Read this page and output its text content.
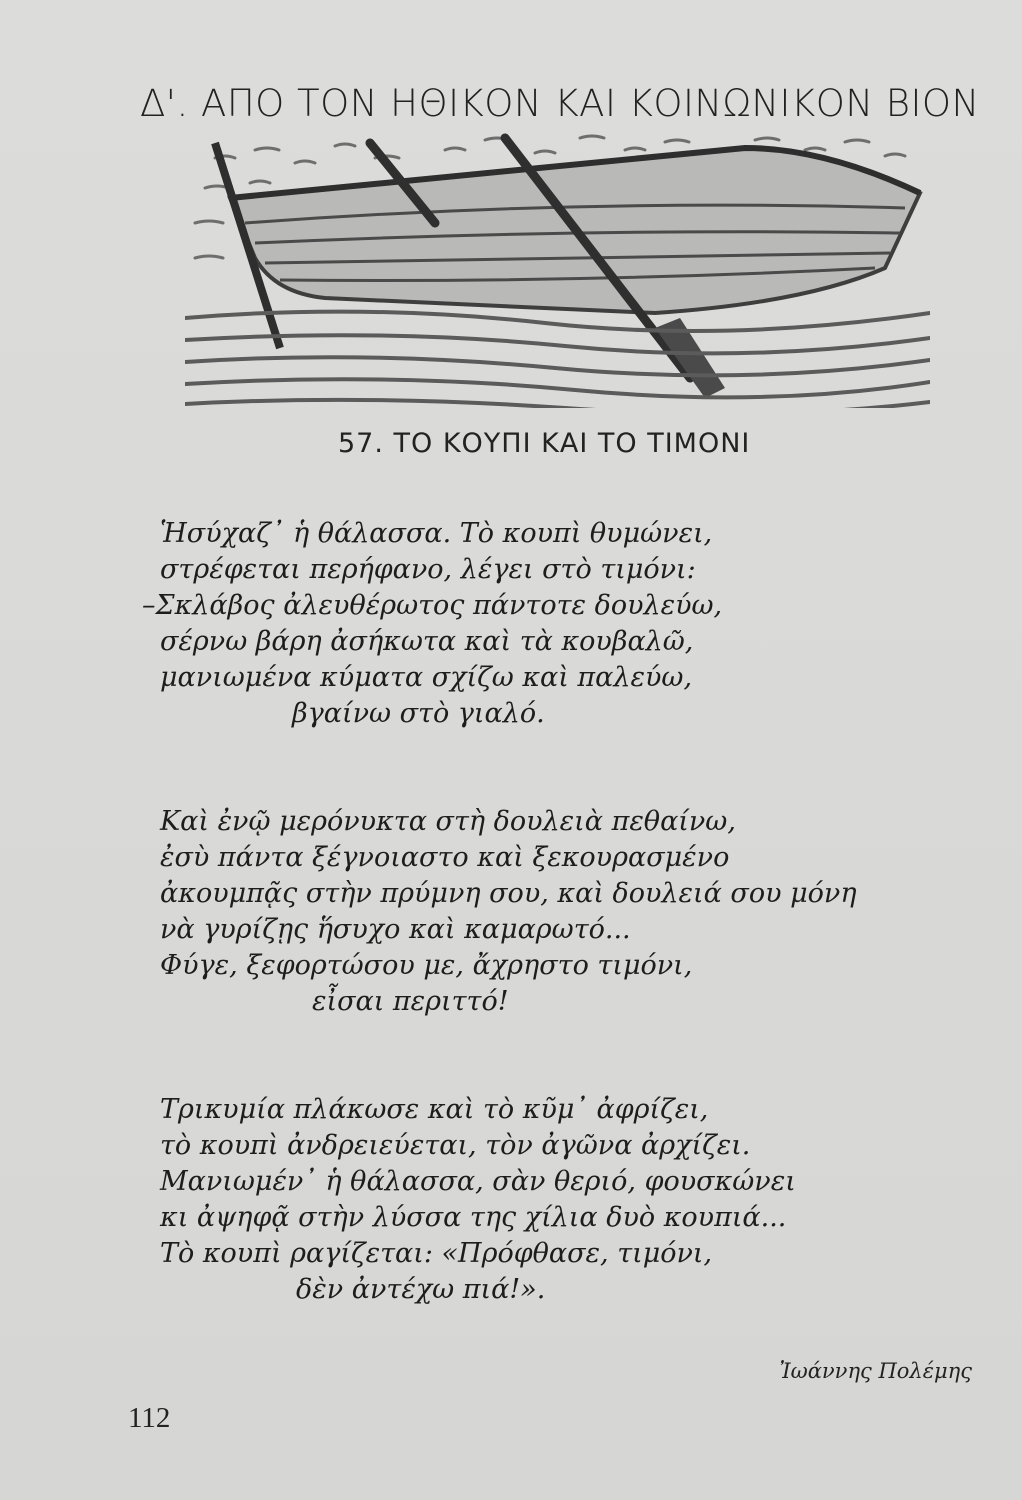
Δ'. ΑΠΟ ΤΟΝ ΗΘΙΚΟΝ ΚΑΙ ΚΟΙΝΩΝΙΚΟΝ ΒΙΟΝ
57. ΤΟ ΚΟΥΠΙ ΚΑΙ ΤΟ ΤΙΜΟΝΙ
Ἡσύχαζ᾽ ἡ θάλασσα. Τὸ κουπὶ θυμώνει,
στρέφεται περήφανο, λέγει στὸ τιμόνι:
–Σκλάβος ἀλευθέρωτος πάντοτε δουλεύω,
σέρνω βάρη ἀσήκωτα καὶ τὰ κουβαλῶ,
μανιωμένα κύματα σχίζω καὶ παλεύω,
βγαίνω στὸ γιαλό.
Καὶ ἐνῷ μερόνυκτα στὴ δουλειὰ πεθαίνω,
ἐσὺ πάντα ξέγνοιαστο καὶ ξεκουρασμένο
ἀκουμπᾷς στὴν πρύμνη σου, καὶ δουλειά σου μόνη
νὰ γυρίζῃς ἥσυχο καὶ καμαρωτό...
Φύγε, ξεφορτώσου με, ἄχρηστο τιμόνι,
εἶσαι περιττό!
Τρικυμία πλάκωσε καὶ τὸ κῦμ᾽ ἀφρίζει,
τὸ κουπὶ ἀνδρειεύεται, τὸν ἀγῶνα ἀρχίζει.
Μανιωμέν᾽ ἡ θάλασσα, σὰν θεριό, φουσκώνει
κι ἀψηφᾷ στὴν λύσσα της χίλια δυὸ κουπιά...
Τὸ κουπὶ ραγίζεται: «Πρόφθασε, τιμόνι,
δὲν ἀντέχω πιά!».
Ἰωάννης Πολέμης
112
